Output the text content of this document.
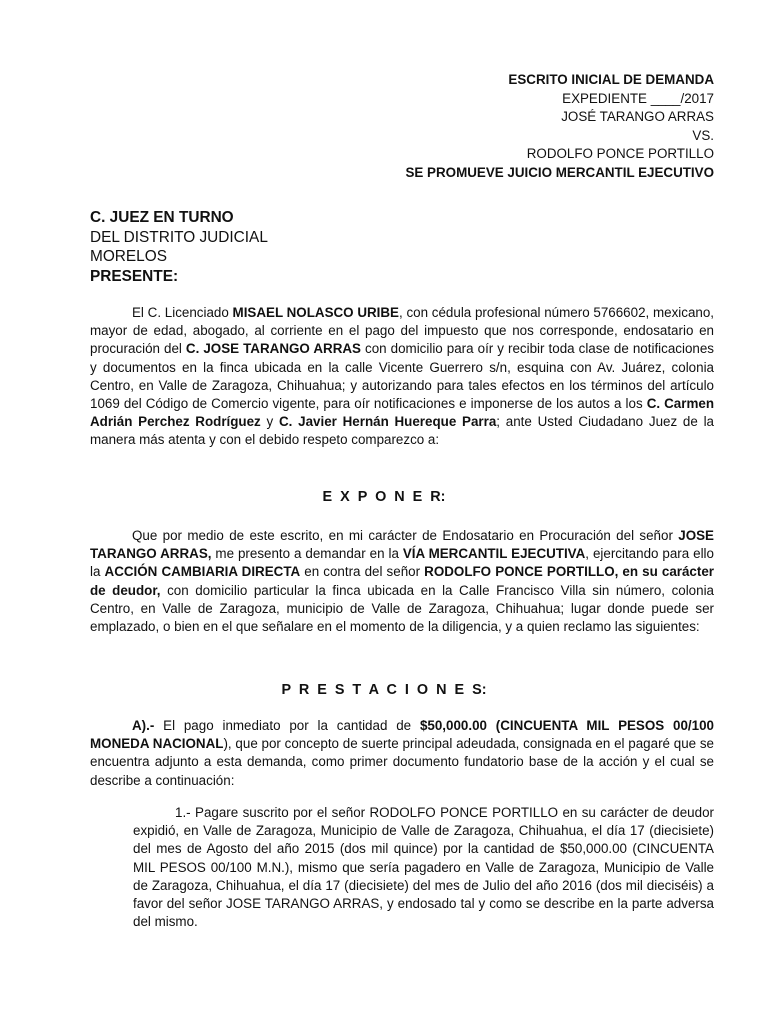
ESCRITO INICIAL DE DEMANDA
EXPEDIENTE ____/2017
JOSÉ TARANGO ARRAS
VS.
RODOLFO PONCE PORTILLO
SE PROMUEVE JUICIO MERCANTIL EJECUTIVO
C. JUEZ EN TURNO
DEL DISTRITO JUDICIAL
MORELOS
PRESENTE:
El C. Licenciado MISAEL NOLASCO URIBE, con cédula profesional número 5766602, mexicano, mayor de edad, abogado, al corriente en el pago del impuesto que nos corresponde, endosatario en procuración del C. JOSE TARANGO ARRAS con domicilio para oír y recibir toda clase de notificaciones y documentos en la finca ubicada en la calle Vicente Guerrero s/n, esquina con Av. Juárez, colonia Centro, en Valle de Zaragoza, Chihuahua; y autorizando para tales efectos en los términos del artículo 1069 del Código de Comercio vigente, para oír notificaciones e imponerse de los autos a los C. Carmen Adrián Perchez Rodríguez y C. Javier Hernán Huereque Parra; ante Usted Ciudadano Juez de la manera más atenta y con el debido respeto comparezco a:
E X P O N E R:
Que por medio de este escrito, en mi carácter de Endosatario en Procuración del señor JOSE TARANGO ARRAS, me presento a demandar en la VÍA MERCANTIL EJECUTIVA, ejercitando para ello la ACCIÓN CAMBIARIA DIRECTA en contra del señor RODOLFO PONCE PORTILLO, en su carácter de deudor, con domicilio particular la finca ubicada en la Calle Francisco Villa sin número, colonia Centro, en Valle de Zaragoza, municipio de Valle de Zaragoza, Chihuahua; lugar donde puede ser emplazado, o bien en el que señalare en el momento de la diligencia, y a quien reclamo las siguientes:
P R E S T A C I O N E S:
A).- El pago inmediato por la cantidad de $50,000.00 (CINCUENTA MIL PESOS 00/100 MONEDA NACIONAL), que por concepto de suerte principal adeudada, consignada en el pagaré que se encuentra adjunto a esta demanda, como primer documento fundatorio base de la acción y el cual se describe a continuación:
1.- Pagare suscrito por el señor RODOLFO PONCE PORTILLO en su carácter de deudor expidió, en Valle de Zaragoza, Municipio de Valle de Zaragoza, Chihuahua, el día 17 (diecisiete) del mes de Agosto del año 2015 (dos mil quince) por la cantidad de $50,000.00 (CINCUENTA MIL PESOS 00/100 M.N.), mismo que sería pagadero en Valle de Zaragoza, Municipio de Valle de Zaragoza, Chihuahua, el día 17 (diecisiete) del mes de Julio del año 2016 (dos mil dieciséis) a favor del señor JOSE TARANGO ARRAS, y endosado tal y como se describe en la parte adversa del mismo.
